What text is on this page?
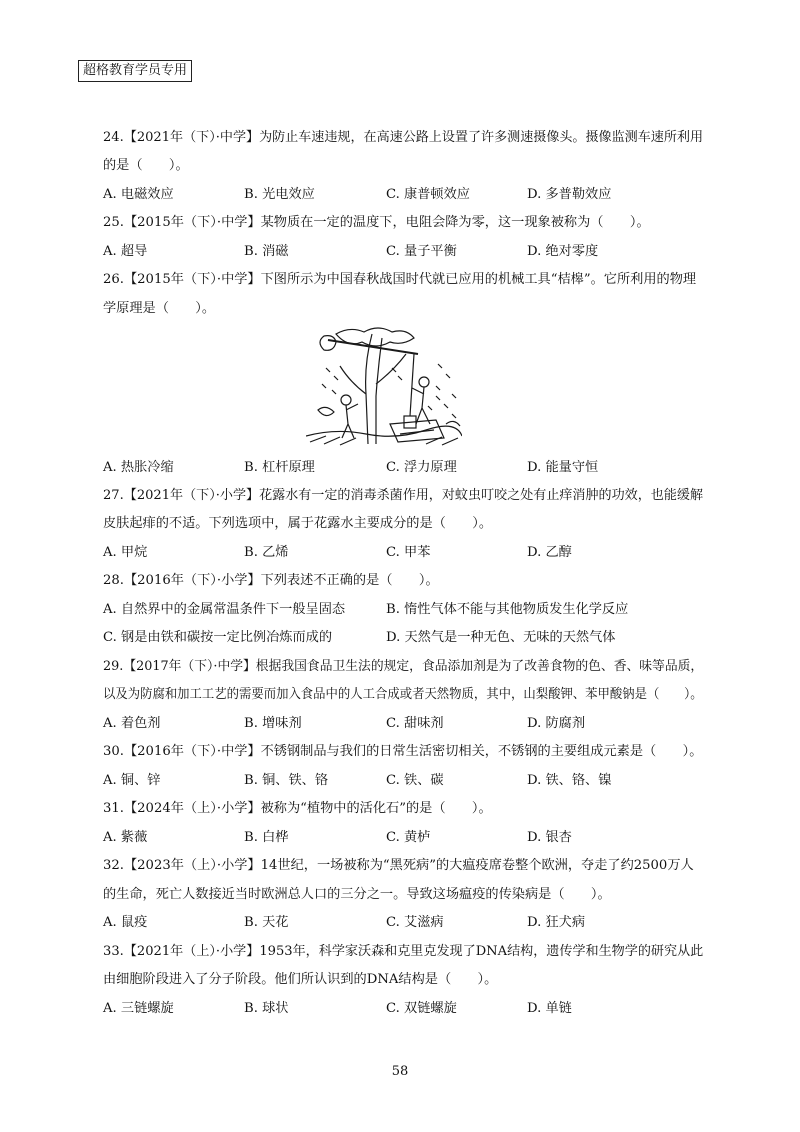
超格教育学员专用
24.【2021年（下）·中学】为防止车速违规，在高速公路上设置了许多测速摄像头。摄像监测车速所利用
的是（　　）。
A. 电磁效应	B. 光电效应	C. 康普顿效应	D. 多普勒效应
25.【2015年（下）·中学】某物质在一定的温度下，电阻会降为零，这一现象被称为（　　）。
A. 超导	B. 消磁	C. 量子平衡	D. 绝对零度
26.【2015年（下）·中学】下图所示为中国春秋战国时代就已应用的机械工具“桔槔”。它所利用的物理
学原理是（　　）。
A. 热胀冷缩	B. 杠杆原理	C. 浮力原理	D. 能量守恒
27.【2021年（下）·小学】花露水有一定的消毒杀菌作用，对蚊虫叮咬之处有止痒消肿的功效，也能缓解
皮肤起痱的不适。下列选项中，属于花露水主要成分的是（　　）。
A. 甲烷	B. 乙烯	C. 甲苯	D. 乙醇
28.【2016年（下）·小学】下列表述不正确的是（　　）。
A. 自然界中的金属常温条件下一般呈固态	B. 惰性气体不能与其他物质发生化学反应
C. 钢是由铁和碳按一定比例冶炼而成的	D. 天然气是一种无色、无味的天然气体
29.【2017年（下）·中学】根据我国食品卫生法的规定，食品添加剂是为了改善食物的色、香、味等品质，
以及为防腐和加工工艺的需要而加入食品中的人工合成或者天然物质，其中，山梨酸钾、苯甲酸钠是（　　）。
A. 着色剂	B. 增味剂	C. 甜味剂	D. 防腐剂
30.【2016年（下）·中学】不锈钢制品与我们的日常生活密切相关，不锈钢的主要组成元素是（　　）。
A. 铜、锌	B. 铜、铁、铬	C. 铁、碳	D. 铁、铬、镍
31.【2024年（上）·小学】被称为“植物中的活化石”的是（　　）。
A. 紫薇	B. 白桦	C. 黄栌	D. 银杏
32.【2023年（上）·小学】14世纪，一场被称为“黑死病”的大瘟疫席卷整个欧洲，夺走了约2500万人
的生命，死亡人数接近当时欧洲总人口的三分之一。导致这场瘟疫的传染病是（　　）。
A. 鼠疫	B. 天花	C. 艾滋病	D. 狂犬病
33.【2021年（上）·小学】1953年，科学家沃森和克里克发现了DNA结构，遗传学和生物学的研究从此
由细胞阶段进入了分子阶段。他们所认识到的DNA结构是（　　）。
A. 三链螺旋	B. 球状	C. 双链螺旋	D. 单链
58
